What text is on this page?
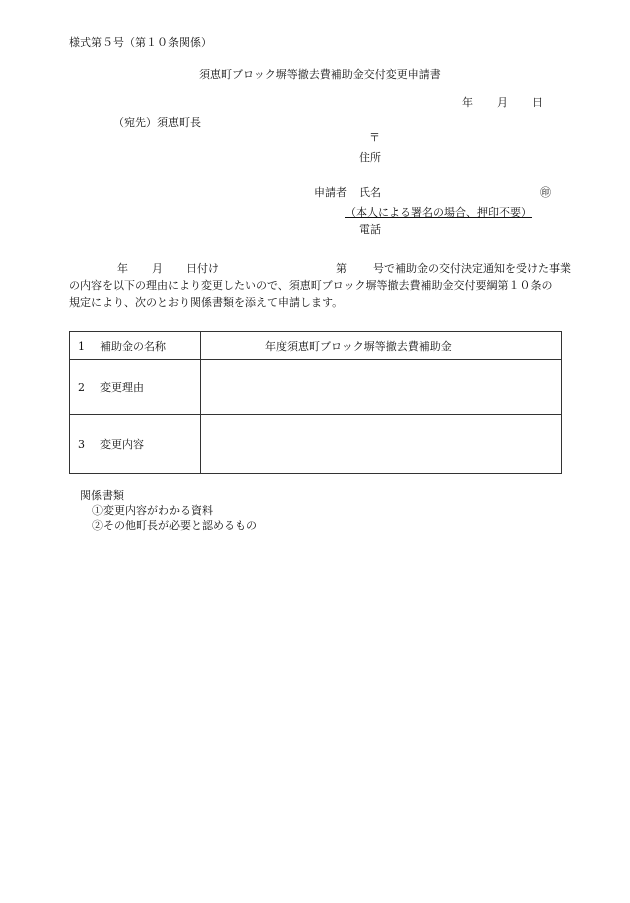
様式第５号（第１０条関係）
須恵町ブロック塀等撤去費補助金交付変更申請書
年 月 日
（宛先）須恵町長
〒
住所
申請者 氏名	㊞
（本人による署名の場合、押印不要）
電話
年 月 日付け	第 号で補助金の交付決定通知を受けた事業
の内容を以下の理由により変更したいので、須恵町ブロック塀等撤去費補助金交付要綱第１０条の
規定により、次のとおり関係書類を添えて申請します。
1 補助金の名称	年度須恵町ブロック塀等撤去費補助金
2 変更理由	
3 変更内容	
関係書類
①変更内容がわかる資料
②その他町長が必要と認めるもの
